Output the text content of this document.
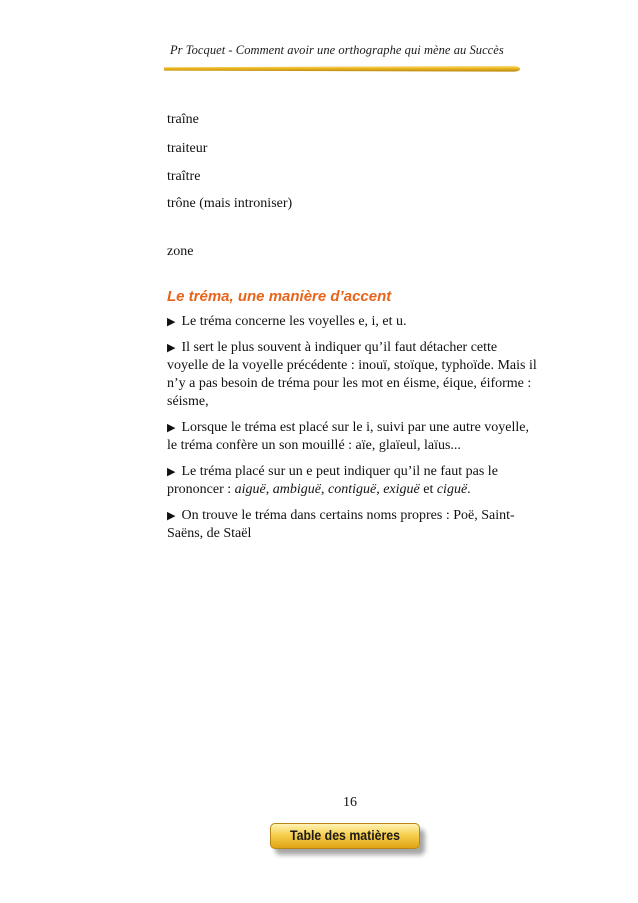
Pr Tocquet - Comment avoir une orthographe qui mène au Succès
traîne
traiteur
traître
trône (mais introniser)
zone
Le tréma, une manière d’accent
▶ Le tréma concerne les voyelles e, i, et u.
▶ Il sert le plus souvent à indiquer qu’il faut détacher cette voyelle de la voyelle précédente : inouï, stoïque, typhoïde. Mais il n’y a pas besoin de tréma pour les mot en éisme, éique, éiforme : séisme,
▶ Lorsque le tréma est placé sur le i, suivi par une autre voyelle, le tréma confère un son mouillé : aïe, glaïeul, laïus...
▶ Le tréma placé sur un e peut indiquer qu’il ne faut pas le prononcer : aiguë, ambiguë, contiguë, exiguë et ciguë.
▶ On trouve le tréma dans certains noms propres : Poë, Saint-Saëns, de Staël
16
Table des matières
